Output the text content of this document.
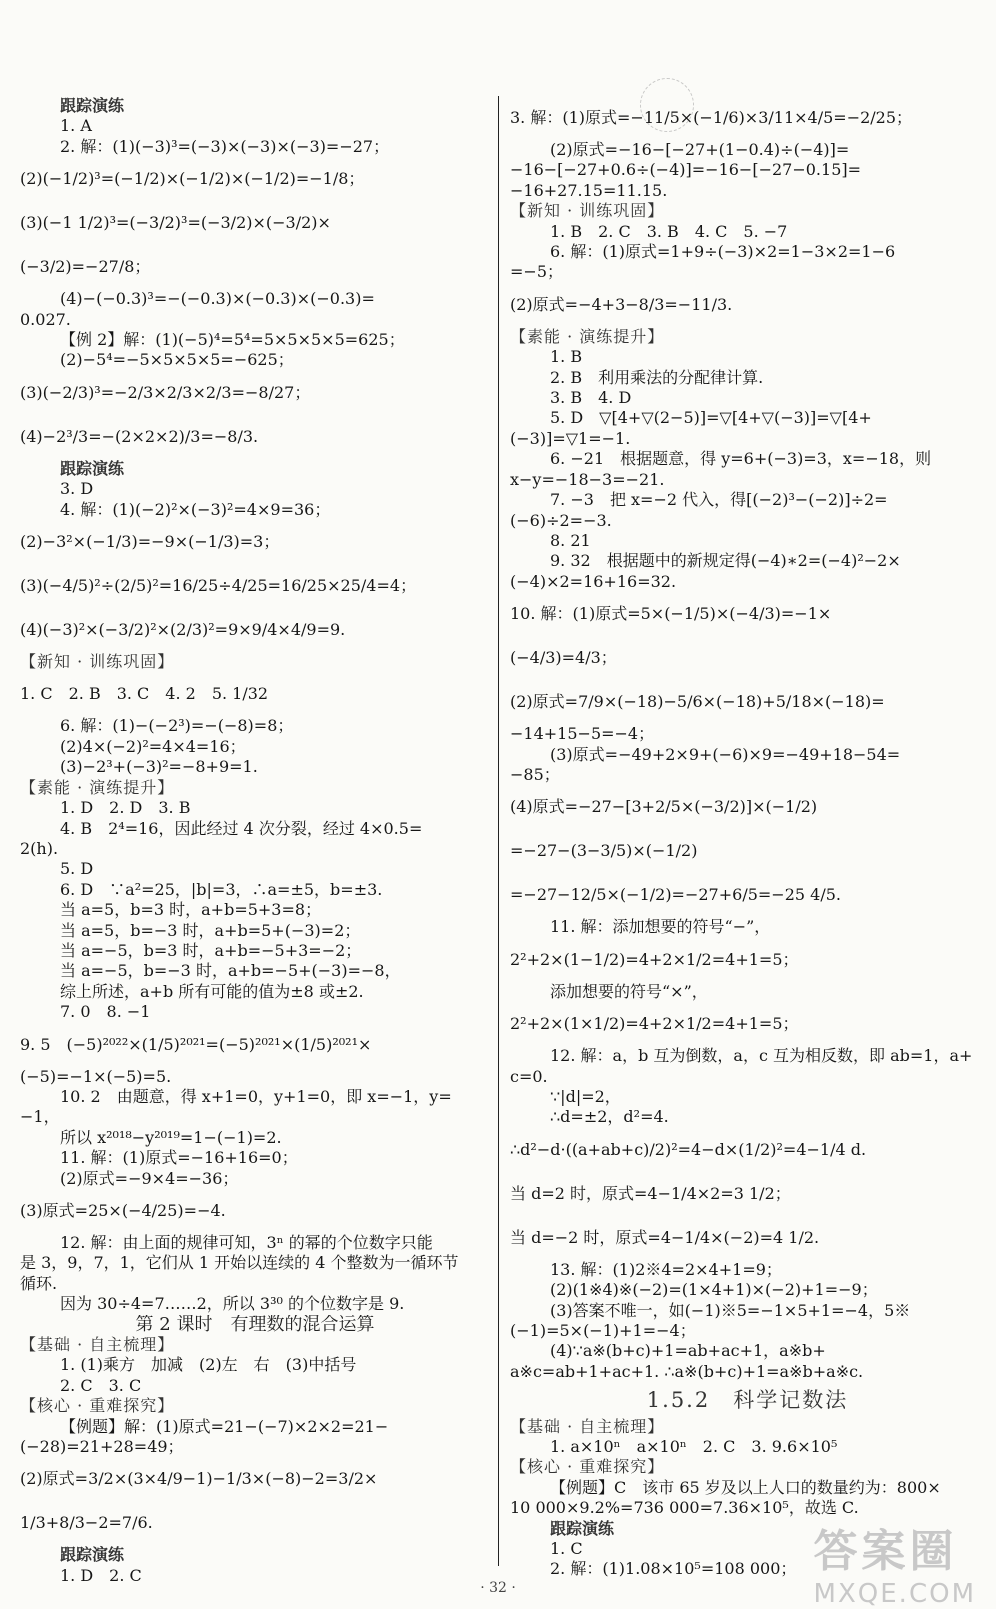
跟踪演练
1. A
2. 解：(1)(−3)³=(−3)×(−3)×(−3)=−27；
(2)(−1/2)³=(−1/2)×(−1/2)×(−1/2)=−1/8；
(3)(−1 1/2)³=(−3/2)³=(−3/2)×(−3/2)×
(−3/2)=−27/8；
(4)−(−0.3)³=−(−0.3)×(−0.3)×(−0.3)=
0.027.
【例 2】解：(1)(−5)⁴=5⁴=5×5×5×5=625；
(2)−5⁴=−5×5×5×5=−625；
(3)(−2/3)³=−2/3×2/3×2/3=−8/27；
(4)−2³/3=−(2×2×2)/3=−8/3.
跟踪演练
3. D
4. 解：(1)(−2)²×(−3)²=4×9=36；
(2)−3²×(−1/3)=−9×(−1/3)=3；
(3)(−4/5)²÷(2/5)²=16/25÷4/25=16/25×25/4=4；
(4)(−3)²×(−3/2)²×(2/3)²=9×9/4×4/9=9.
【新知 · 训练巩固】
1. C　2. B　3. C　4. 2　5. 1/32
6. 解：(1)−(−2³)=−(−8)=8；
(2)4×(−2)²=4×4=16；
(3)−2³+(−3)²=−8+9=1.
【素能 · 演练提升】
1. D　2. D　3. B
4. B　2⁴=16，因此经过 4 次分裂，经过 4×0.5=
2(h).
5. D
6. D　∵a²=25，|b|=3，∴a=±5，b=±3.
当 a=5，b=3 时，a+b=5+3=8；
当 a=5，b=−3 时，a+b=5+(−3)=2；
当 a=−5，b=3 时，a+b=−5+3=−2；
当 a=−5，b=−3 时，a+b=−5+(−3)=−8，
综上所述，a+b 所有可能的值为±8 或±2.
7. 0　8. −1
9. 5　(−5)²⁰²²×(1/5)²⁰²¹=(−5)²⁰²¹×(1/5)²⁰²¹×
(−5)=−1×(−5)=5.
10. 2　由题意，得 x+1=0，y+1=0，即 x=−1，y=
−1，
所以 x²⁰¹⁸−y²⁰¹⁹=1−(−1)=2.
11. 解：(1)原式=−16+16=0；
(2)原式=−9×4=−36；
(3)原式=25×(−4/25)=−4.
12. 解：由上面的规律可知，3ⁿ 的幂的个位数字只能
是 3，9，7，1，它们从 1 开始以连续的 4 个整数为一循环节
循环.
因为 30÷4=7……2，所以 3³⁰ 的个位数字是 9.
第 2 课时　有理数的混合运算
【基础 · 自主梳理】
1. (1)乘方　加减　(2)左　右　(3)中括号
2. C　3. C
【核心 · 重难探究】
【例题】解：(1)原式=21−(−7)×2×2=21−
(−28)=21+28=49；
(2)原式=3/2×(3×4/9−1)−1/3×(−8)−2=3/2×
1/3+8/3−2=7/6.
跟踪演练
1. D　2. C
3. 解：(1)原式=−11/5×(−1/6)×3/11×4/5=−2/25；
(2)原式=−16−[−27+(1−0.4)÷(−4)]=
−16−[−27+0.6÷(−4)]=−16−[−27−0.15]=
−16+27.15=11.15.
【新知 · 训练巩固】
1. B　2. C　3. B　4. C　5. −7
6. 解：(1)原式=1+9÷(−3)×2=1−3×2=1−6
=−5；
(2)原式=−4+3−8/3=−11/3.
【素能 · 演练提升】
1. B
2. B　利用乘法的分配律计算.
3. B　4. D
5. D　▽[4+▽(2−5)]=▽[4+▽(−3)]=▽[4+
(−3)]=▽1=−1.
6. −21　根据题意，得 y=6+(−3)=3，x=−18，则
x−y=−18−3=−21.
7. −3　把 x=−2 代入，得[(−2)³−(−2)]÷2=
(−6)÷2=−3.
8. 21
9. 32　根据题中的新规定得(−4)∗2=(−4)²−2×
(−4)×2=16+16=32.
10. 解：(1)原式=5×(−1/5)×(−4/3)=−1×
(−4/3)=4/3；
(2)原式=7/9×(−18)−5/6×(−18)+5/18×(−18)=
−14+15−5=−4；
(3)原式=−49+2×9+(−6)×9=−49+18−54=
−85；
(4)原式=−27−[3+2/5×(−3/2)]×(−1/2)
=−27−(3−3/5)×(−1/2)
=−27−12/5×(−1/2)=−27+6/5=−25 4/5.
11. 解：添加想要的符号“−”，
2²+2×(1−1/2)=4+2×1/2=4+1=5；
添加想要的符号“×”，
2²+2×(1×1/2)=4+2×1/2=4+1=5；
12. 解：a，b 互为倒数，a，c 互为相反数，即 ab=1，a+
c=0.
∵|d|=2，
∴d=±2，d²=4.
∴d²−d·((a+ab+c)/2)²=4−d×(1/2)²=4−1/4 d.
当 d=2 时，原式=4−1/4×2=3 1/2；
当 d=−2 时，原式=4−1/4×(−2)=4 1/2.
13. 解：(1)2※4=2×4+1=9；
(2)(1※4)※(−2)=(1×4+1)×(−2)+1=−9；
(3)答案不唯一，如(−1)※5=−1×5+1=−4，5※
(−1)=5×(−1)+1=−4；
(4)∵a※(b+c)+1=ab+ac+1，a※b+
a※c=ab+1+ac+1. ∴a※(b+c)+1=a※b+a※c.
1.5.2　科学记数法
【基础 · 自主梳理】
1. a×10ⁿ　a×10ⁿ　2. C　3. 9.6×10⁵
【核心 · 重难探究】
【例题】C　该市 65 岁及以上人口的数量约为：800×
10 000×9.2%=736 000=7.36×10⁵，故选 C.
跟踪演练
1. C
2. 解：(1)1.08×10⁵=108 000；
· 32 ·
答案圈
MXQE.COM
